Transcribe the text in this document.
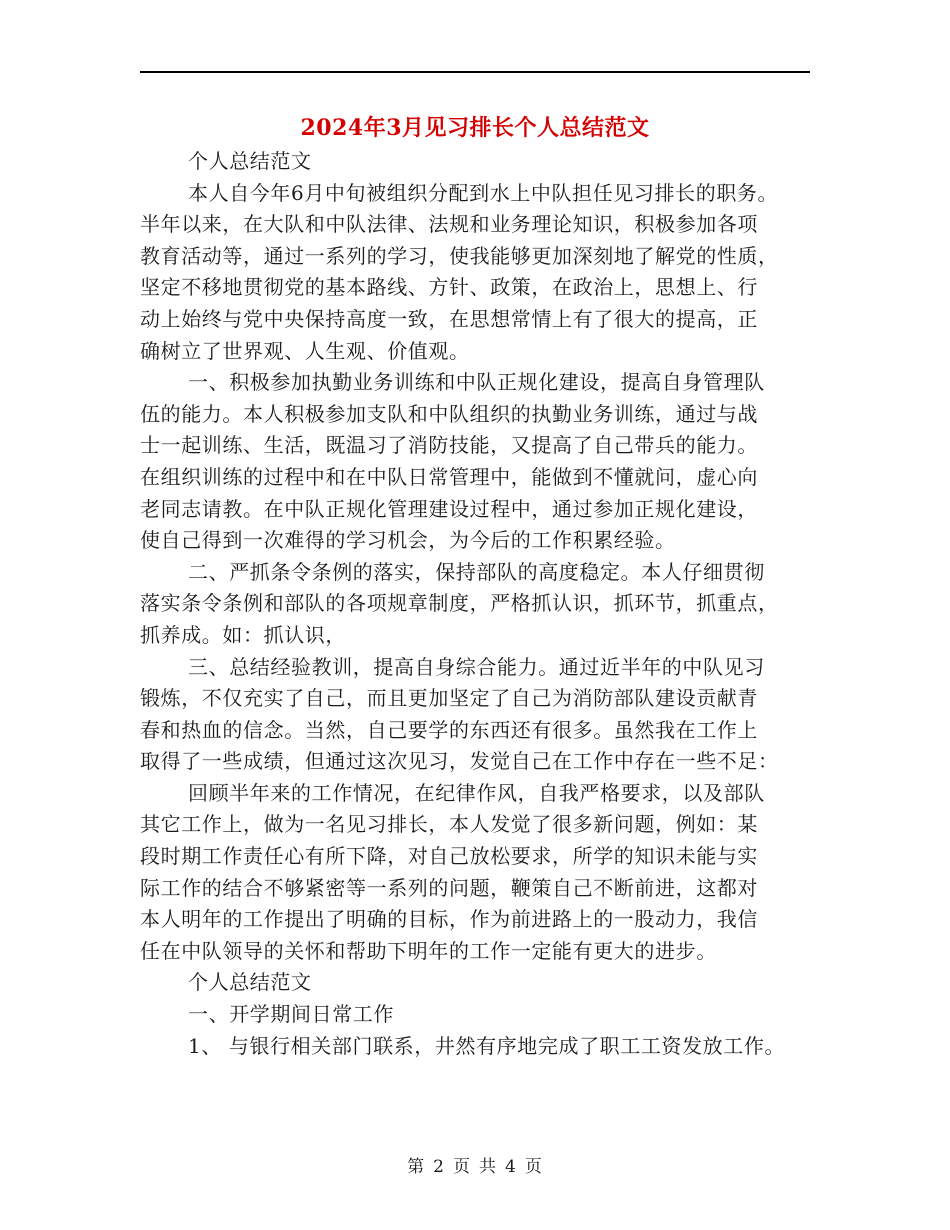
2024年3月见习排长个人总结范文
个人总结范文
本人自今年6月中旬被组织分配到水上中队担任见习排长的职务。
半年以来，在大队和中队法律、法规和业务理论知识，积极参加各项
教育活动等，通过一系列的学习，使我能够更加深刻地了解党的性质，
坚定不移地贯彻党的基本路线、方针、政策，在政治上，思想上、行
动上始终与党中央保持高度一致，在思想常情上有了很大的提高，正
确树立了世界观、人生观、价值观。
一、积极参加执勤业务训练和中队正规化建设，提高自身管理队
伍的能力。本人积极参加支队和中队组织的执勤业务训练，通过与战
士一起训练、生活，既温习了消防技能，又提高了自己带兵的能力。
在组织训练的过程中和在中队日常管理中，能做到不懂就问，虚心向
老同志请教。在中队正规化管理建设过程中，通过参加正规化建设，
使自己得到一次难得的学习机会，为今后的工作积累经验。
二、严抓条令条例的落实，保持部队的高度稳定。本人仔细贯彻
落实条令条例和部队的各项规章制度，严格抓认识，抓环节，抓重点，
抓养成。如：抓认识，
三、总结经验教训，提高自身综合能力。通过近半年的中队见习
锻炼，不仅充实了自己，而且更加坚定了自己为消防部队建设贡献青
春和热血的信念。当然，自己要学的东西还有很多。虽然我在工作上
取得了一些成绩，但通过这次见习，发觉自己在工作中存在一些不足：
回顾半年来的工作情况，在纪律作风，自我严格要求，以及部队
其它工作上，做为一名见习排长，本人发觉了很多新问题，例如：某
段时期工作责任心有所下降，对自己放松要求，所学的知识未能与实
际工作的结合不够紧密等一系列的问题，鞭策自己不断前进，这都对
本人明年的工作提出了明确的目标，作为前进路上的一股动力，我信
任在中队领导的关怀和帮助下明年的工作一定能有更大的进步。
个人总结范文
一、开学期间日常工作
1、 与银行相关部门联系，井然有序地完成了职工工资发放工作。
第 2 页 共 4 页
